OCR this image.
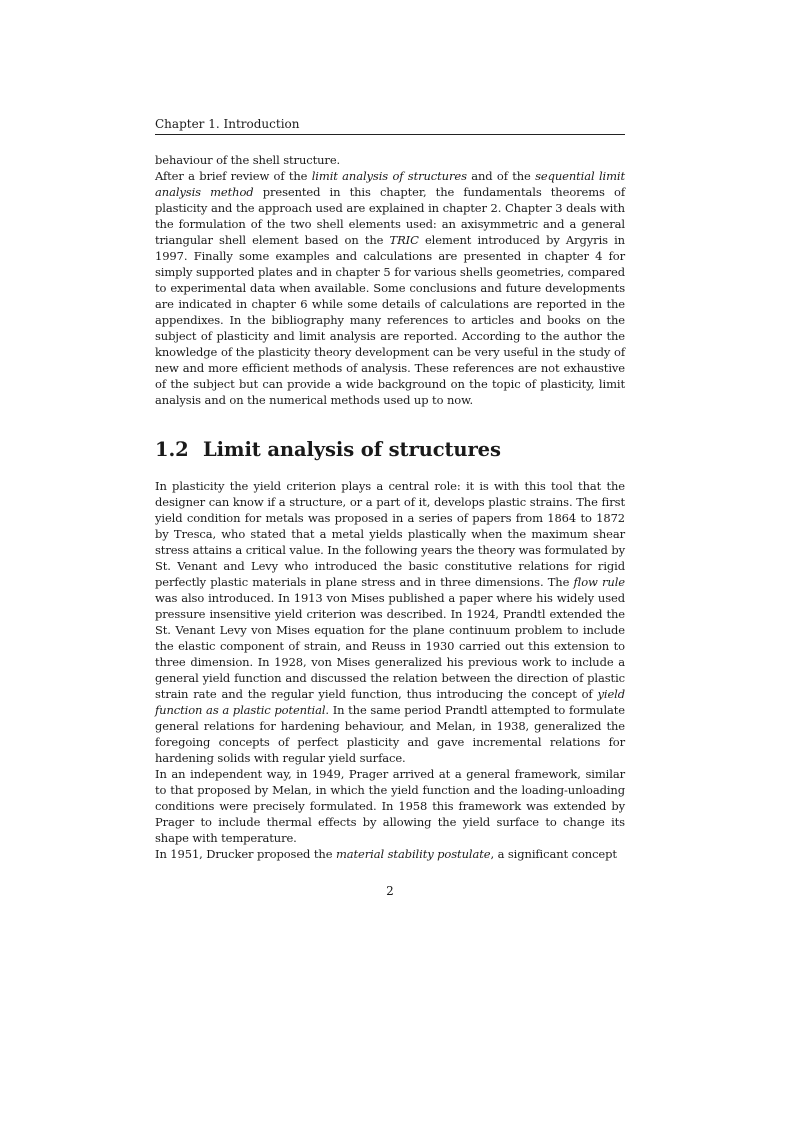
Chapter 1. Introduction

behaviour of the shell structure.

After a brief review of the limit analysis of structures and of the sequential limit analysis method presented in this chapter, the fundamentals theorems of plasticity and the approach used are explained in chapter 2. Chapter 3 deals with the formulation of the two shell elements used: an axisymmetric and a general triangular shell element based on the TRIC element introduced by Argyris in 1997. Finally some examples and calculations are presented in chapter 4 for simply supported plates and in chapter 5 for various shells geometries, compared to experimental data when available. Some conclusions and future developments are indicated in chapter 6 while some details of calculations are reported in the appendixes. In the bibliography many references to articles and books on the subject of plasticity and limit analysis are reported. According to the author the knowledge of the plasticity theory development can be very useful in the study of new and more efficient methods of analysis. These references are not exhaustive of the subject but can provide a wide background on the topic of plasticity, limit analysis and on the numerical methods used up to now.

1.2 Limit analysis of structures

In plasticity the yield criterion plays a central role: it is with this tool that the designer can know if a structure, or a part of it, develops plastic strains. The first yield condition for metals was proposed in a series of papers from 1864 to 1872 by Tresca, who stated that a metal yields plastically when the maximum shear stress attains a critical value. In the following years the theory was formulated by St. Venant and Levy who introduced the basic constitutive relations for rigid perfectly plastic materials in plane stress and in three dimensions. The flow rule was also introduced. In 1913 von Mises published a paper where his widely used pressure insensitive yield criterion was described. In 1924, Prandtl extended the St. Venant Levy von Mises equation for the plane continuum problem to include the elastic component of strain, and Reuss in 1930 carried out this extension to three dimension. In 1928, von Mises generalized his previous work to include a general yield function and discussed the relation between the direction of plastic strain rate and the regular yield function, thus introducing the concept of yield function as a plastic potential. In the same period Prandtl attempted to formulate general relations for hardening behaviour, and Melan, in 1938, generalized the foregoing concepts of perfect plasticity and gave incremental relations for hardening solids with regular yield surface.

In an independent way, in 1949, Prager arrived at a general framework, similar to that proposed by Melan, in which the yield function and the loading-unloading conditions were precisely formulated. In 1958 this framework was extended by Prager to include thermal effects by allowing the yield surface to change its shape with temperature.

In 1951, Drucker proposed the material stability postulate, a significant concept

2
